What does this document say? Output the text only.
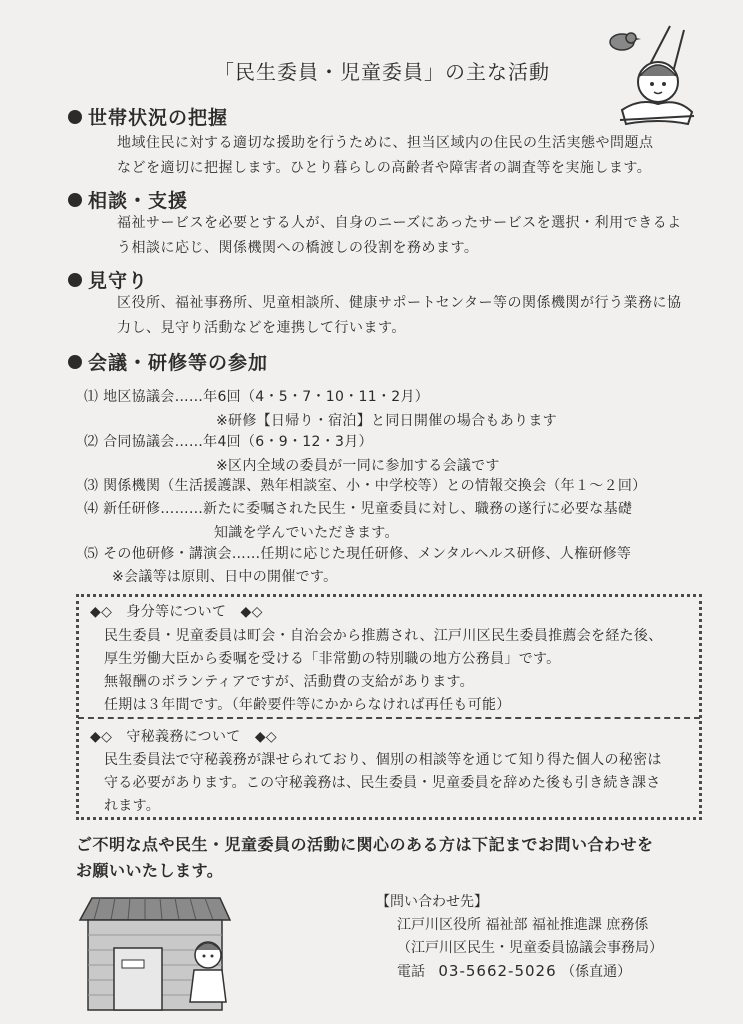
「民生委員・児童委員」の主な活動
世帯状況の把握
地域住民に対する適切な援助を行うために、担当区域内の住民の生活実態や問題点
などを適切に把握します。ひとり暮らしの高齢者や障害者の調査等を実施します。
相談・支援
福祉サービスを必要とする人が、自身のニーズにあったサービスを選択・利用できるよ
う相談に応じ、関係機関への橋渡しの役割を務めます。
見守り
区役所、福祉事務所、児童相談所、健康サポートセンター等の関係機関が行う業務に協
力し、見守り活動などを連携して行います。
会議・研修等の参加
⑴ 地区協議会……年6回（4・5・7・10・11・2月）
※研修【日帰り・宿泊】と同日開催の場合もあります
⑵ 合同協議会……年4回（6・9・12・3月）
※区内全域の委員が一同に参加する会議です
⑶ 関係機関（生活援護課、熟年相談室、小・中学校等）との情報交換会（年１～２回）
⑷ 新任研修………新たに委嘱された民生・児童委員に対し、職務の遂行に必要な基礎
知識を学んでいただきます。
⑸ その他研修・講演会……任期に応じた現任研修、メンタルヘルス研修、人権研修等
※会議等は原則、日中の開催です。
◆◇　身分等について　◆◇
民生委員・児童委員は町会・自治会から推薦され、江戸川区民生委員推薦会を経た後、
厚生労働大臣から委嘱を受ける「非常勤の特別職の地方公務員」です。
無報酬のボランティアですが、活動費の支給があります。
任期は３年間です。（年齢要件等にかからなければ再任も可能）
◆◇　守秘義務について　◆◇
民生委員法で守秘義務が課せられており、個別の相談等を通じて知り得た個人の秘密は
守る必要があります。この守秘義務は、民生委員・児童委員を辞めた後も引き続き課さ
れます。
ご不明な点や民生・児童委員の活動に関心のある方は下記までお問い合わせを
お願いいたします。
【問い合わせ先】
江戸川区役所 福祉部 福祉推進課 庶務係
（江戸川区民生・児童委員協議会事務局）
電話 03-5662-5026 （係直通）
